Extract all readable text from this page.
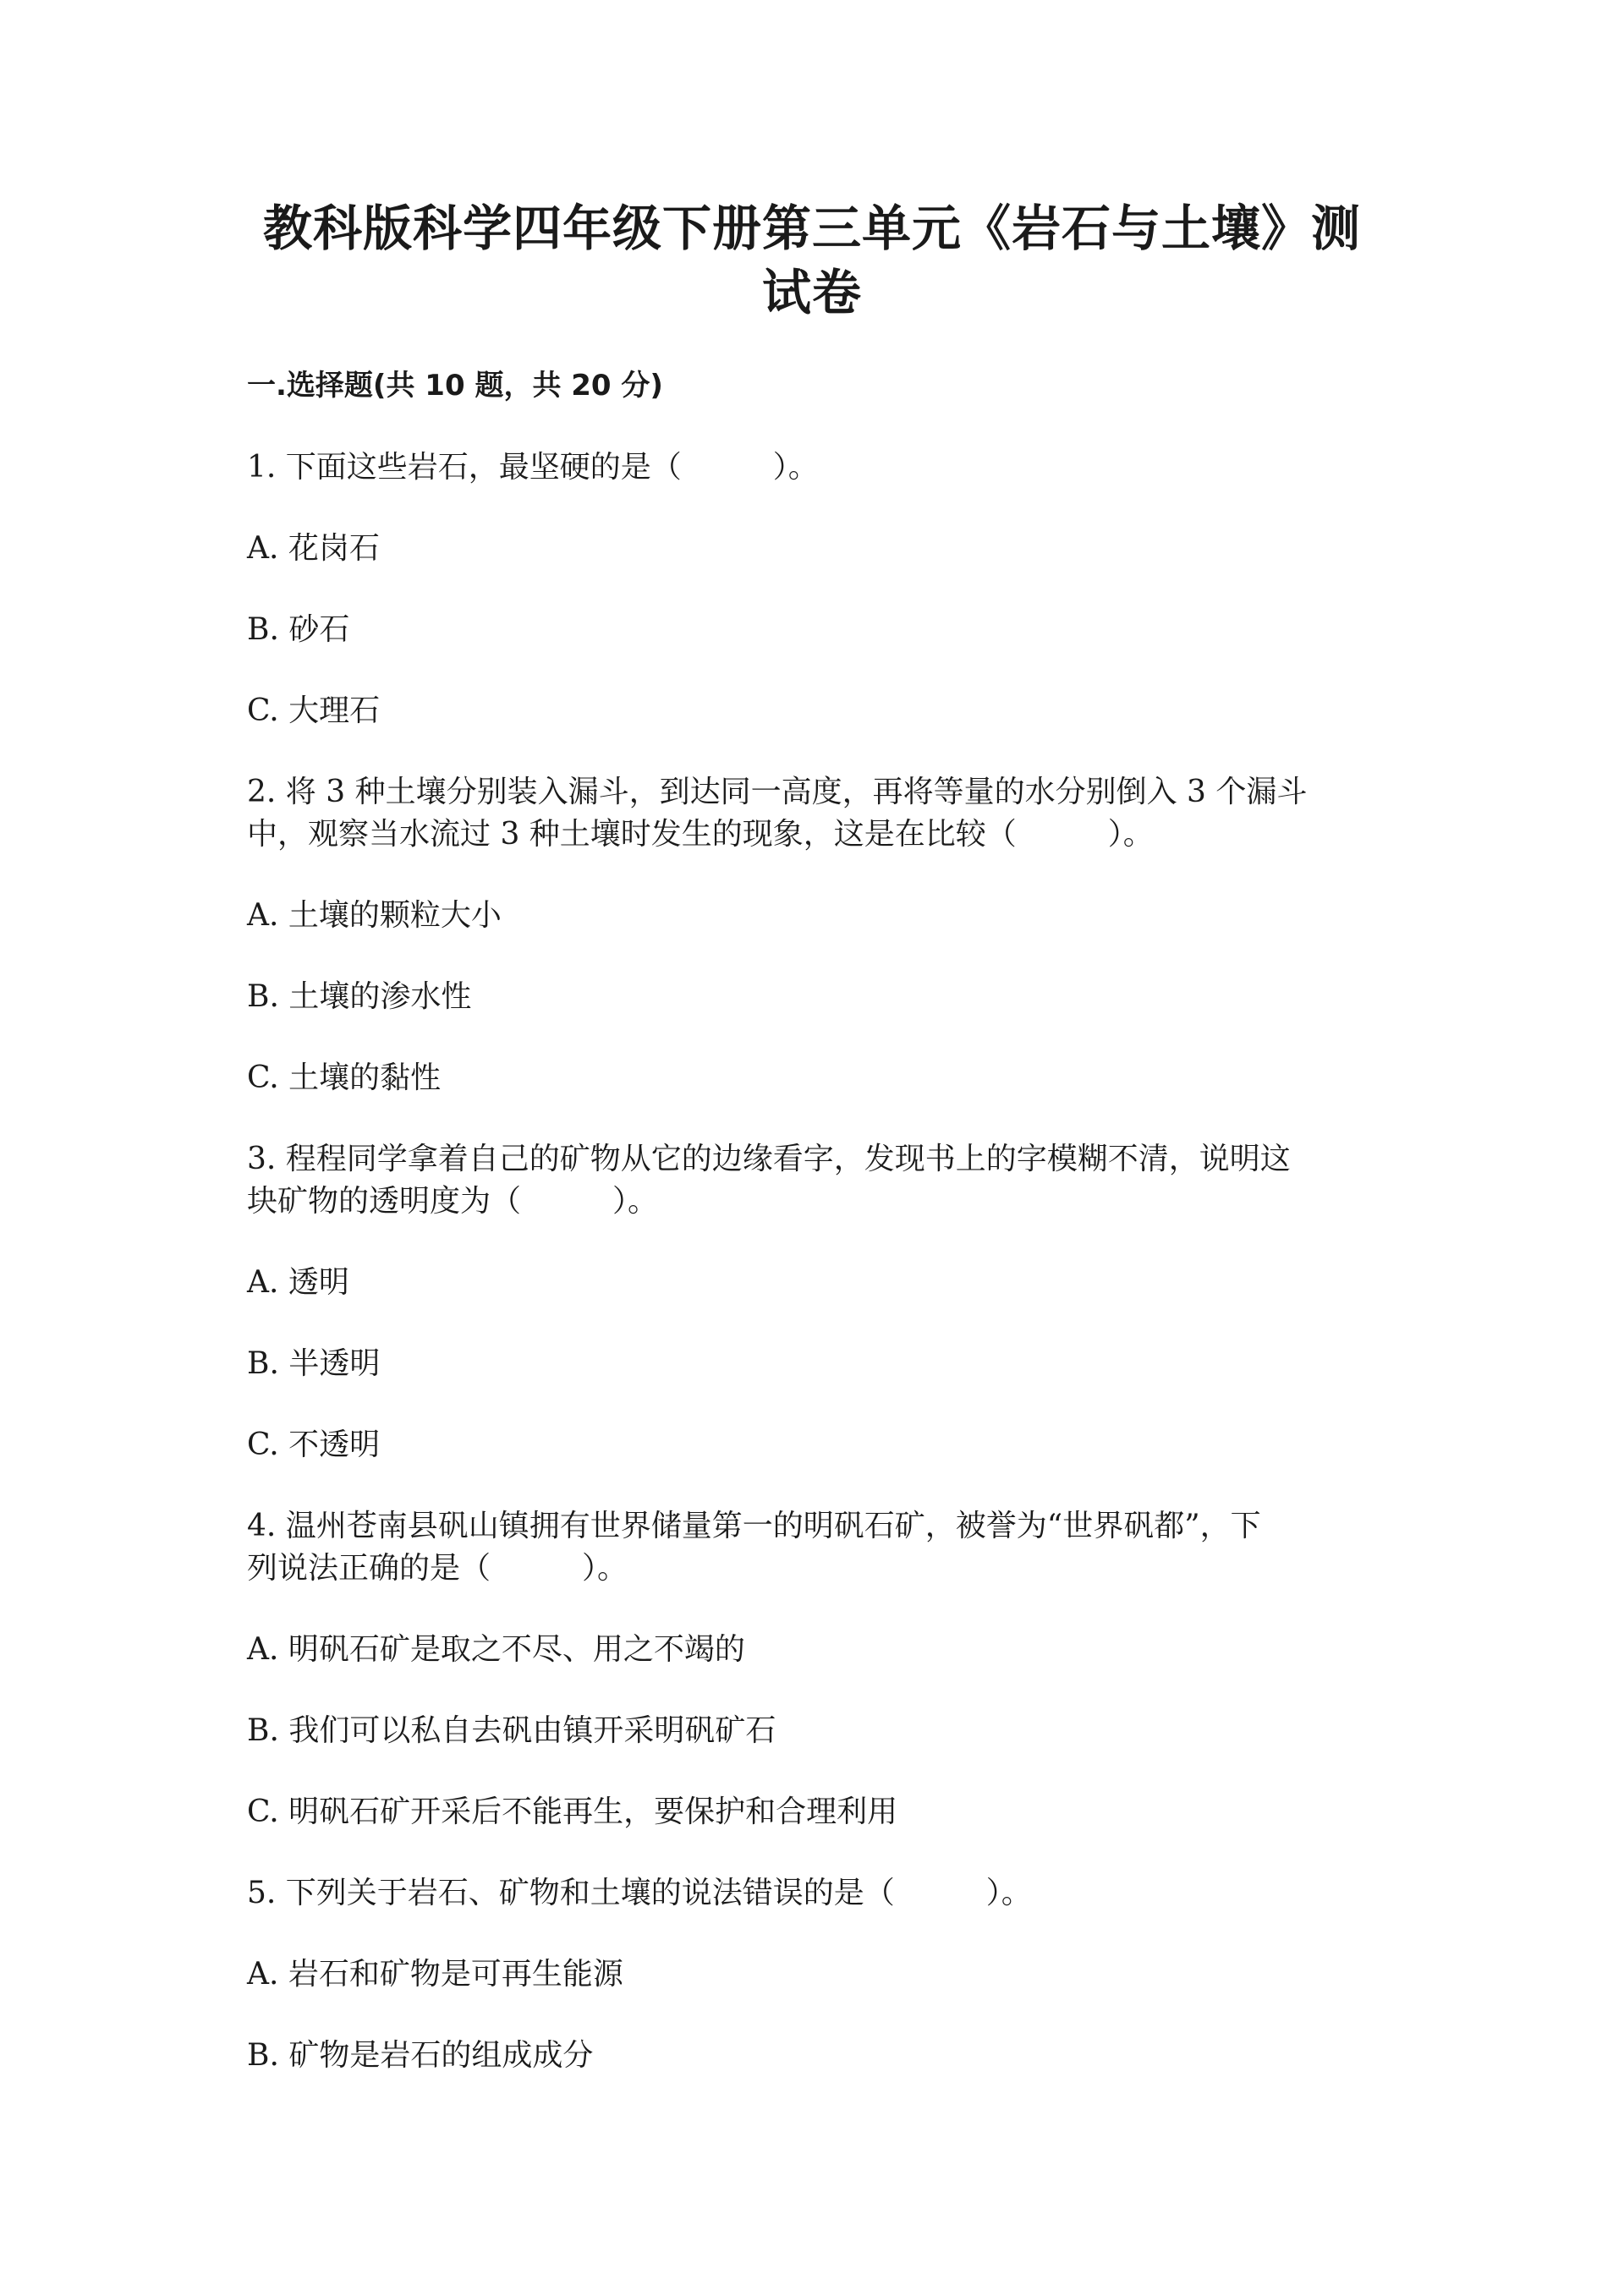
教科版科学四年级下册第三单元《岩石与土壤》测试卷
一.选择题(共 10 题，共 20 分)

1. 下面这些岩石，最坚硬的是（　　　）。

A. 花岗石

B. 砂石

C. 大理石

2. 将 3 种土壤分别装入漏斗，到达同一高度，再将等量的水分别倒入 3 个漏斗

中，观察当水流过 3 种土壤时发生的现象，这是在比较（　　　）。

A. 土壤的颗粒大小

B. 土壤的渗水性

C. 土壤的黏性

3. 程程同学拿着自己的矿物从它的边缘看字，发现书上的字模糊不清，说明这

块矿物的透明度为（　　　）。

A. 透明

B. 半透明

C. 不透明

4. 温州苍南县矾山镇拥有世界储量第一的明矾石矿，被誉为“世界矾都”，下

列说法正确的是（　　　）。

A. 明矾石矿是取之不尽、用之不竭的

B. 我们可以私自去矾由镇开采明矾矿石

C. 明矾石矿开采后不能再生，要保护和合理利用

5. 下列关于岩石、矿物和土壤的说法错误的是（　　　）。

A. 岩石和矿物是可再生能源

B. 矿物是岩石的组成成分
